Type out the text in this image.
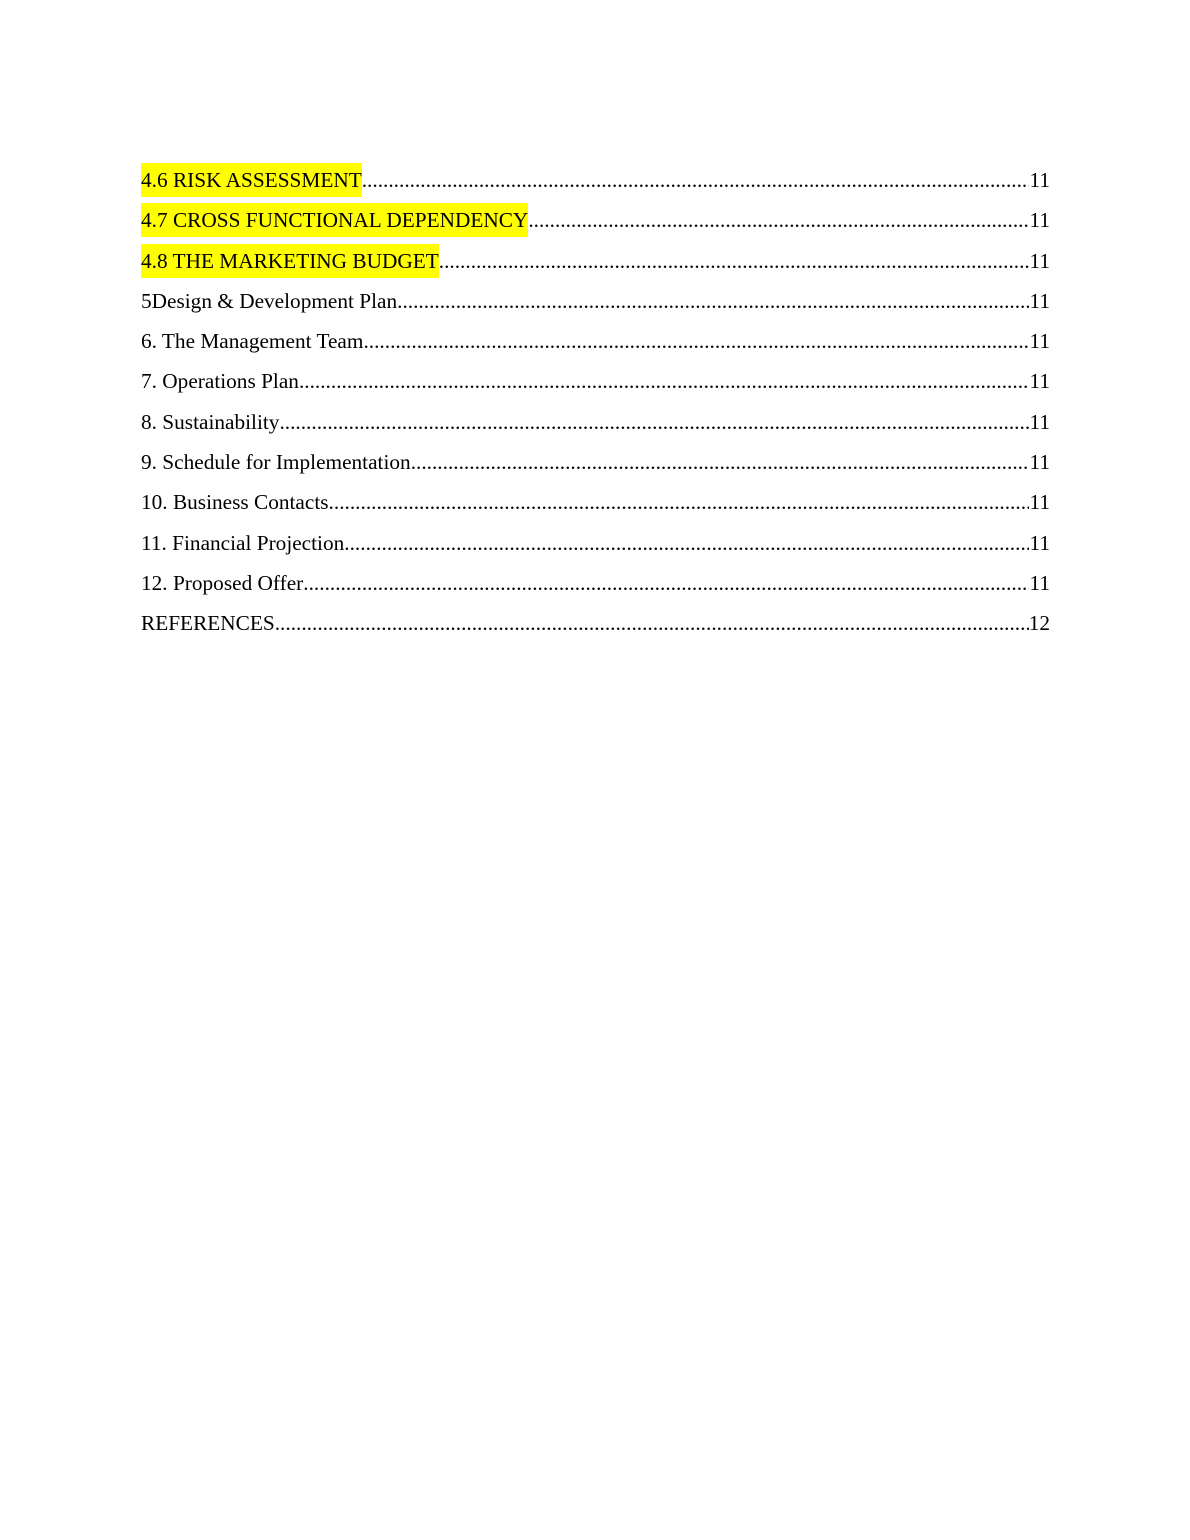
4.6 RISK ASSESSMENT .....	11
4.7 CROSS FUNCTIONAL DEPENDENCY .....	11
4.8 THE MARKETING BUDGET .....	11
5Design & Development Plan .....	11
6. The Management Team .....	11
7. Operations Plan .....	11
8. Sustainability .....	11
9. Schedule for Implementation .....	11
10. Business Contacts .....	11
11. Financial Projection .....	11
12. Proposed Offer .....	11
REFERENCES .....	12
